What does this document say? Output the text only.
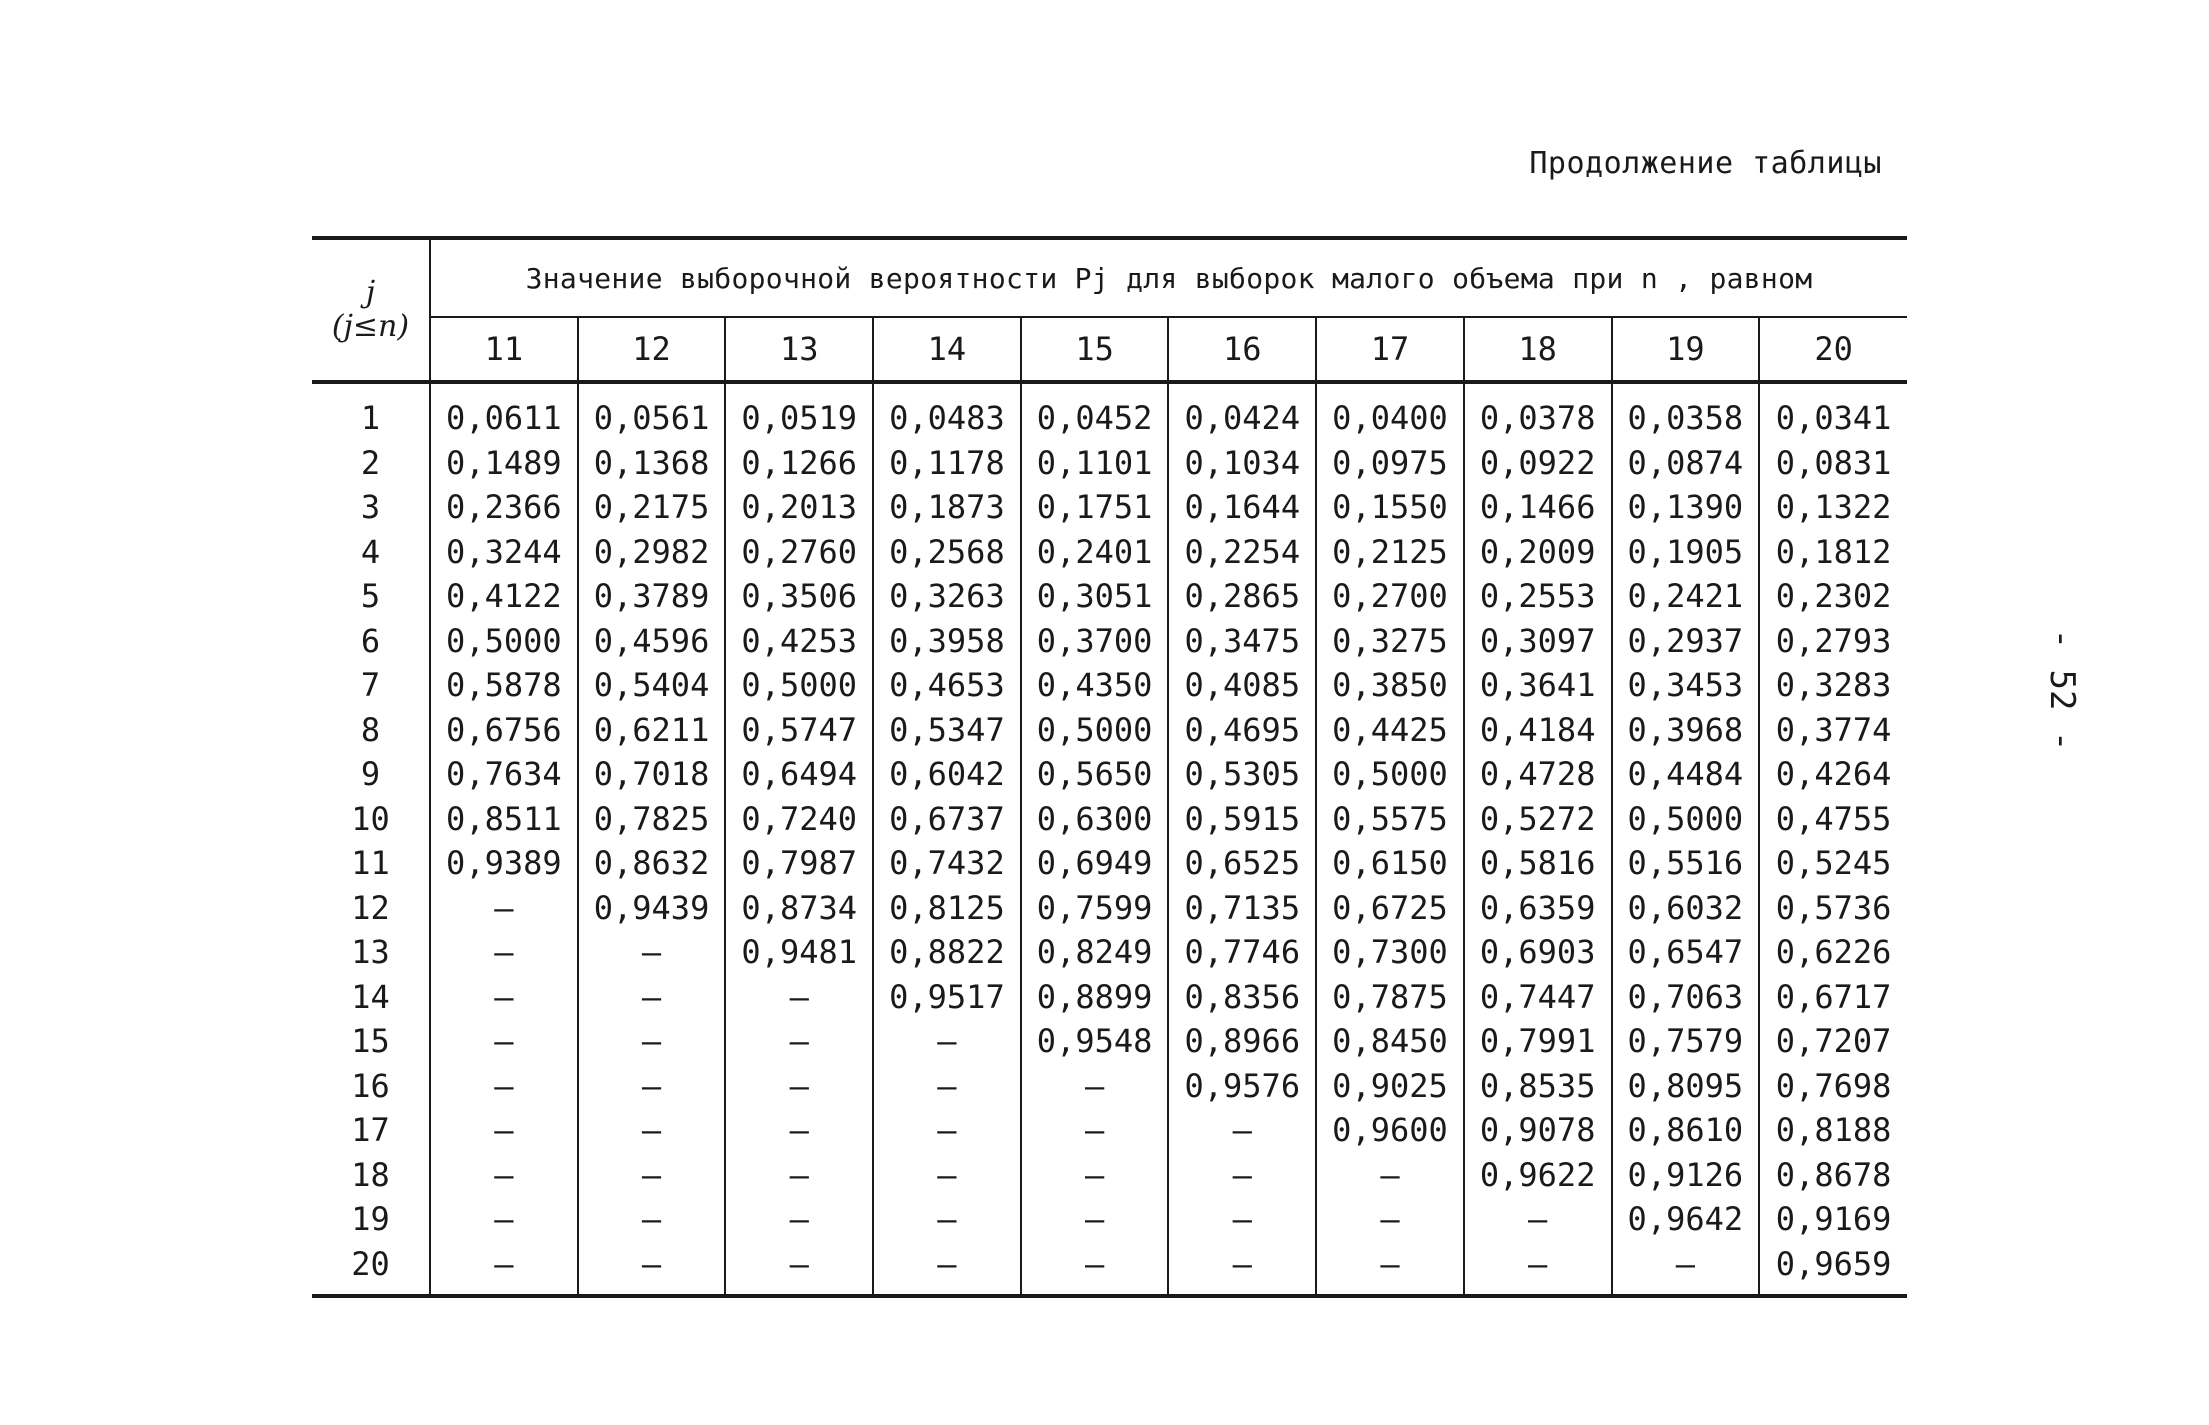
Продолжение таблицы
- 52 -
j
(j≤n)	Значение выборочной вероятности Pj для выборок малого объема при n , равном									
	11	12	13	14	15	16	17	18	19	20
1	0,0611	0,0561	0,0519	0,0483	0,0452	0,0424	0,0400	0,0378	0,0358	0,0341
2	0,1489	0,1368	0,1266	0,1178	0,1101	0,1034	0,0975	0,0922	0,0874	0,0831
3	0,2366	0,2175	0,2013	0,1873	0,1751	0,1644	0,1550	0,1466	0,1390	0,1322
4	0,3244	0,2982	0,2760	0,2568	0,2401	0,2254	0,2125	0,2009	0,1905	0,1812
5	0,4122	0,3789	0,3506	0,3263	0,3051	0,2865	0,2700	0,2553	0,2421	0,2302
6	0,5000	0,4596	0,4253	0,3958	0,3700	0,3475	0,3275	0,3097	0,2937	0,2793
7	0,5878	0,5404	0,5000	0,4653	0,4350	0,4085	0,3850	0,3641	0,3453	0,3283
8	0,6756	0,6211	0,5747	0,5347	0,5000	0,4695	0,4425	0,4184	0,3968	0,3774
9	0,7634	0,7018	0,6494	0,6042	0,5650	0,5305	0,5000	0,4728	0,4484	0,4264
10	0,8511	0,7825	0,7240	0,6737	0,6300	0,5915	0,5575	0,5272	0,5000	0,4755
11	0,9389	0,8632	0,7987	0,7432	0,6949	0,6525	0,6150	0,5816	0,5516	0,5245
12	–	0,9439	0,8734	0,8125	0,7599	0,7135	0,6725	0,6359	0,6032	0,5736
13	–	–	0,9481	0,8822	0,8249	0,7746	0,7300	0,6903	0,6547	0,6226
14	–	–	–	0,9517	0,8899	0,8356	0,7875	0,7447	0,7063	0,6717
15	–	–	–	–	0,9548	0,8966	0,8450	0,7991	0,7579	0,7207
16	–	–	–	–	–	0,9576	0,9025	0,8535	0,8095	0,7698
17	–	–	–	–	–	–	0,9600	0,9078	0,8610	0,8188
18	–	–	–	–	–	–	–	0,9622	0,9126	0,8678
19	–	–	–	–	–	–	–	–	0,9642	0,9169
20	–	–	–	–	–	–	–	–	–	0,9659
